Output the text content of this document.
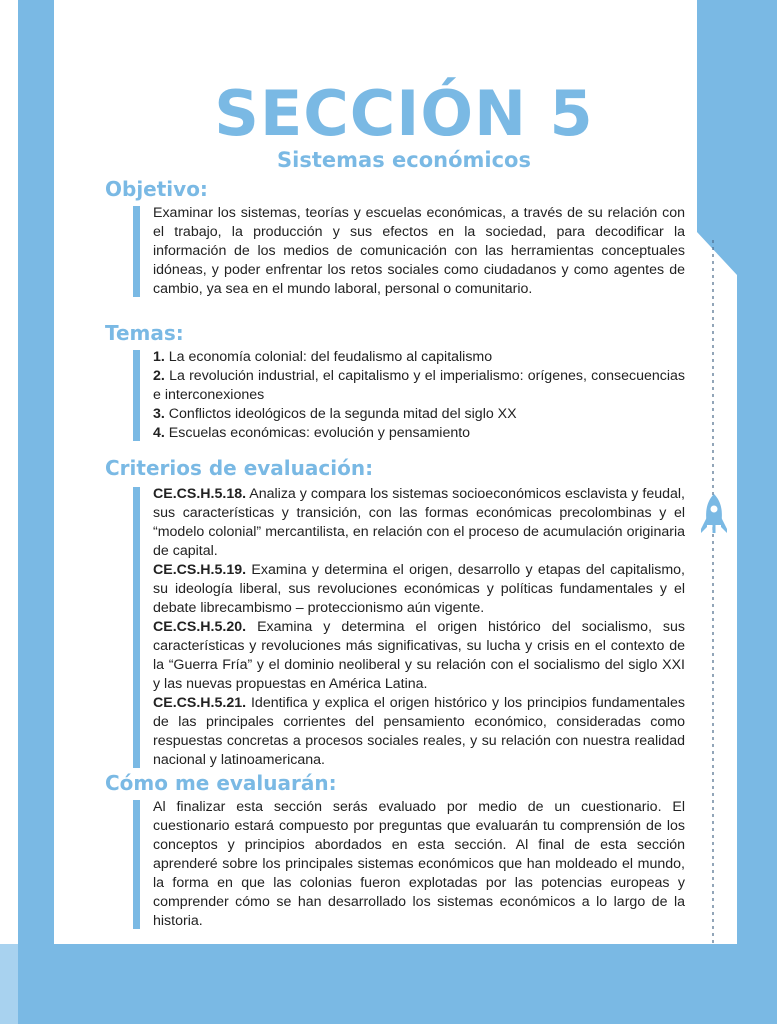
SECCIÓN 5
Sistemas económicos
Objetivo:

Examinar los sistemas, teorías y escuelas económicas, a través de su relación con el trabajo, la producción y sus efectos en la sociedad, para decodificar la información de los medios de comunicación con las herramientas conceptuales idóneas, y poder enfrentar los retos sociales como ciudadanos y como agentes de cambio, ya sea en el mundo laboral, personal o comunitario.

Temas:

1. La economía colonial: del feudalismo al capitalismo

2. La revolución industrial, el capitalismo y el imperialismo: orígenes, consecuencias e interconexiones

3. Conflictos ideológicos de la segunda mitad del siglo XX

4. Escuelas económicas: evolución y pensamiento

Criterios de evaluación:

CE.CS.H.5.18. Analiza y compara los sistemas socioeconómicos esclavista y feudal, sus características y transición, con las formas económicas precolombinas y el “modelo colonial” mercantilista, en relación con el proceso de acumulación originaria de capital.

CE.CS.H.5.19. Examina y determina el origen, desarrollo y etapas del capitalismo, su ideología liberal, sus revoluciones económicas y políticas fundamentales y el debate librecambismo – proteccionismo aún vigente.

CE.CS.H.5.20. Examina y determina el origen histórico del socialismo, sus características y revoluciones más significativas, su lucha y crisis en el contexto de la “Guerra Fría” y el dominio neoliberal y su relación con el socialismo del siglo XXI y las nuevas propuestas en América Latina.

CE.CS.H.5.21. Identifica y explica el origen histórico y los principios fundamentales de las principales corrientes del pensamiento económico, consideradas como respuestas concretas a procesos sociales reales, y su relación con nuestra realidad nacional y latinoamericana.

Cómo me evaluarán:

Al finalizar esta sección serás evaluado por medio de un cuestionario. El cuestionario estará compuesto por preguntas que evaluarán tu comprensión de los conceptos y principios abordados en esta sección. Al final de esta sección aprenderé sobre los principales sistemas económicos que han moldeado el mundo, la forma en que las colonias fueron explotadas por las potencias europeas y comprender cómo se han desarrollado los sistemas económicos a lo largo de la historia.
